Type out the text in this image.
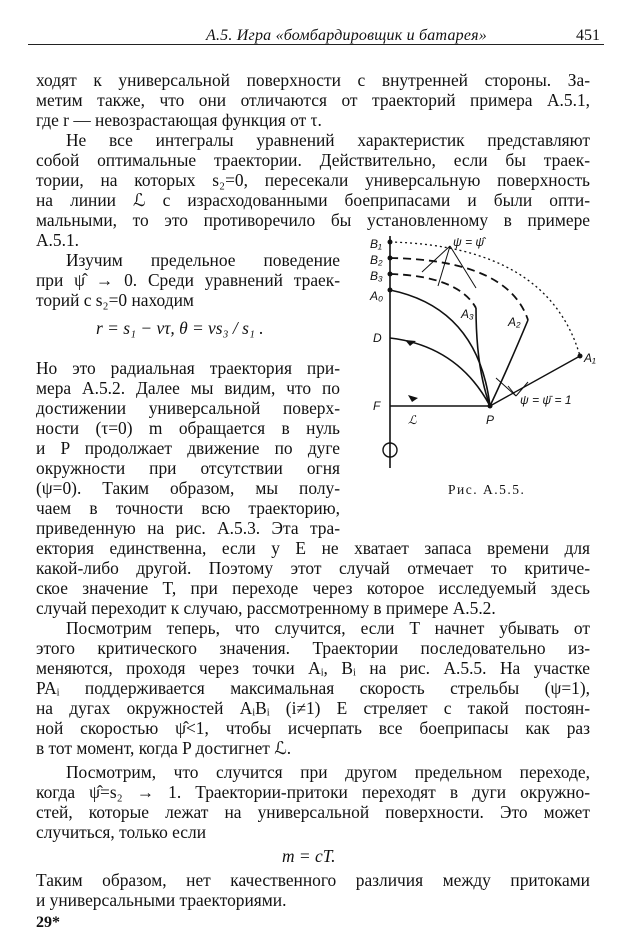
А.5. Игра «бомбардировщик и батарея»	451
ходят к универсальной поверхности с внутренней стороны. За-
метим также, что они отличаются от траекторий примера А.5.1,
где r — невозрастающая функция от τ.
Не все интегралы уравнений характеристик представляют
собой оптимальные траектории. Действительно, если бы траек-
тории, на которых s₂=0, пересекали универсальную поверхность
на линии ℒ с израсходованными боеприпасами и были опти-
мальными, то это противоречило бы установленному в примере
А.5.1.
Изучим предельное поведение
при ψ̂ → 0. Среди уравнений траек-
торий с s₂=0 находим
r = s₁ − vτ, θ = vs₃ / s₁ .
Но это радиальная траектория при-
мера А.5.2. Далее мы видим, что по
достижении универсальной поверх-
ности (τ=0) m обращается в нуль
и P продолжает движение по дуге
окружности при отсутствии огня
(ψ=0). Таким образом, мы полу-
чаем в точности всю траекторию,
приведенную на рис. А.5.3. Эта тра-
ектория единственна, если у E не хватает запаса времени для
какой-либо другой. Поэтому этот случай отмечает то критиче-
ское значение T, при переходе через которое исследуемый здесь
случай переходит к случаю, рассмотренному в примере А.5.2.
Посмотрим теперь, что случится, если T начнет убывать от
этого критического значения. Траектории последовательно из-
меняются, проходя через точки Aᵢ, Bᵢ на рис. А.5.5. На участке
PAᵢ поддерживается максимальная скорость стрельбы (ψ=1),
на дугах окружностей AᵢBᵢ (i≠1) E стреляет с такой постоян-
ной скоростью ψ̂<1, чтобы исчерпать все боеприпасы как раз
в тот момент, когда P достигнет ℒ.
Посмотрим, что случится при другом предельном переходе,
когда ψ̂=s₂ → 1. Траектории-притоки переходят в дуги окружно-
стей, которые лежат на универсальной поверхности. Это может
случиться, только если
m = cT.
Таким образом, нет качественного различия между притоками
и универсальными траекториями.
B₁
B₂
B₃
A₀
D
F
ℒ	P
A₃
A₂
A₁
ψ = ψ̂
ψ = ψ̄ = 1
Рис. А.5.5.
29*
